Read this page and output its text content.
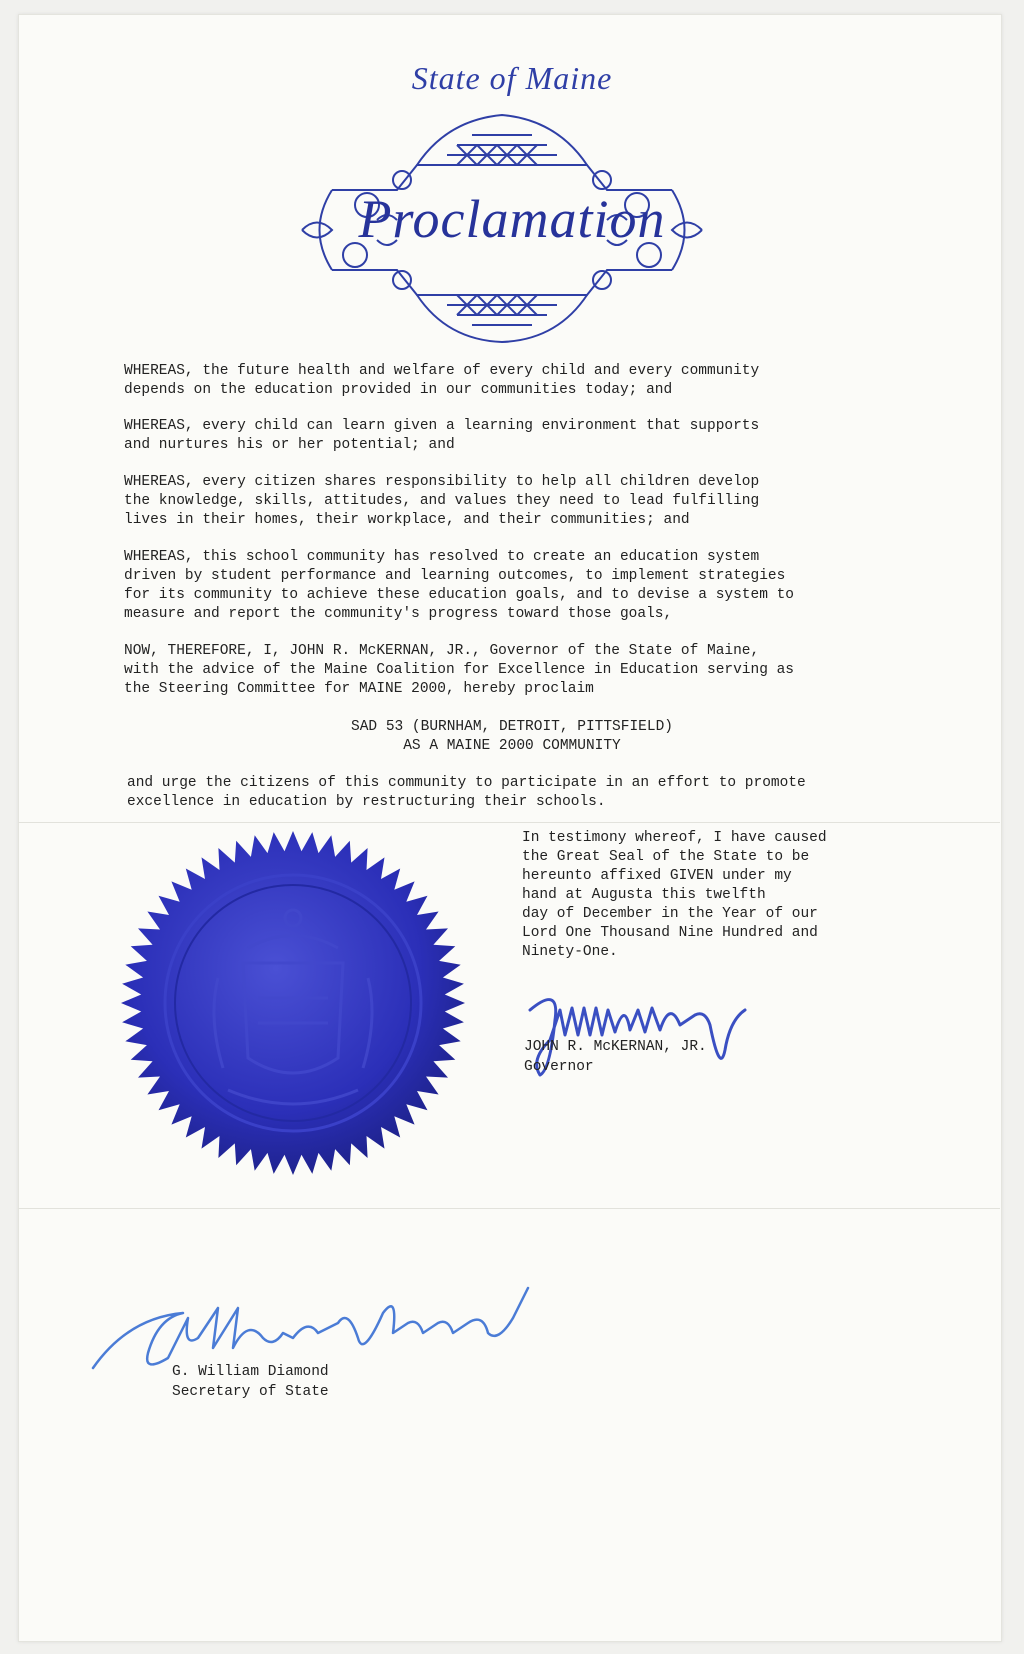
State of Maine
Proclamation

WHEREAS, the future health and welfare of every child and every community
depends on the education provided in our communities today; and

WHEREAS, every child can learn given a learning environment that supports
and nurtures his or her potential; and

WHEREAS, every citizen shares responsibility to help all children develop
the knowledge, skills, attitudes, and values they need to lead fulfilling
lives in their homes, their workplace, and their communities; and

WHEREAS, this school community has resolved to create an education system
driven by student performance and learning outcomes, to implement strategies
for its community to achieve these education goals, and to devise a system to
measure and report the community's progress toward those goals,

NOW, THEREFORE, I, JOHN R. McKERNAN, JR., Governor of the State of Maine,
with the advice of the Maine Coalition for Excellence in Education serving as
the Steering Committee for MAINE 2000, hereby proclaim

SAD 53 (BURNHAM, DETROIT, PITTSFIELD)
AS A MAINE 2000 COMMUNITY

and urge the citizens of this community to participate in an effort to promote
excellence in education by restructuring their schools.

In testimony whereof, I have caused
the Great Seal of the State to be
hereunto affixed GIVEN under my
hand at Augusta this twelfth
day of December in the Year of our
Lord One Thousand Nine Hundred and
Ninety-One.

JOHN R. McKERNAN, JR.
Governor
G. William Diamond
Secretary of State
